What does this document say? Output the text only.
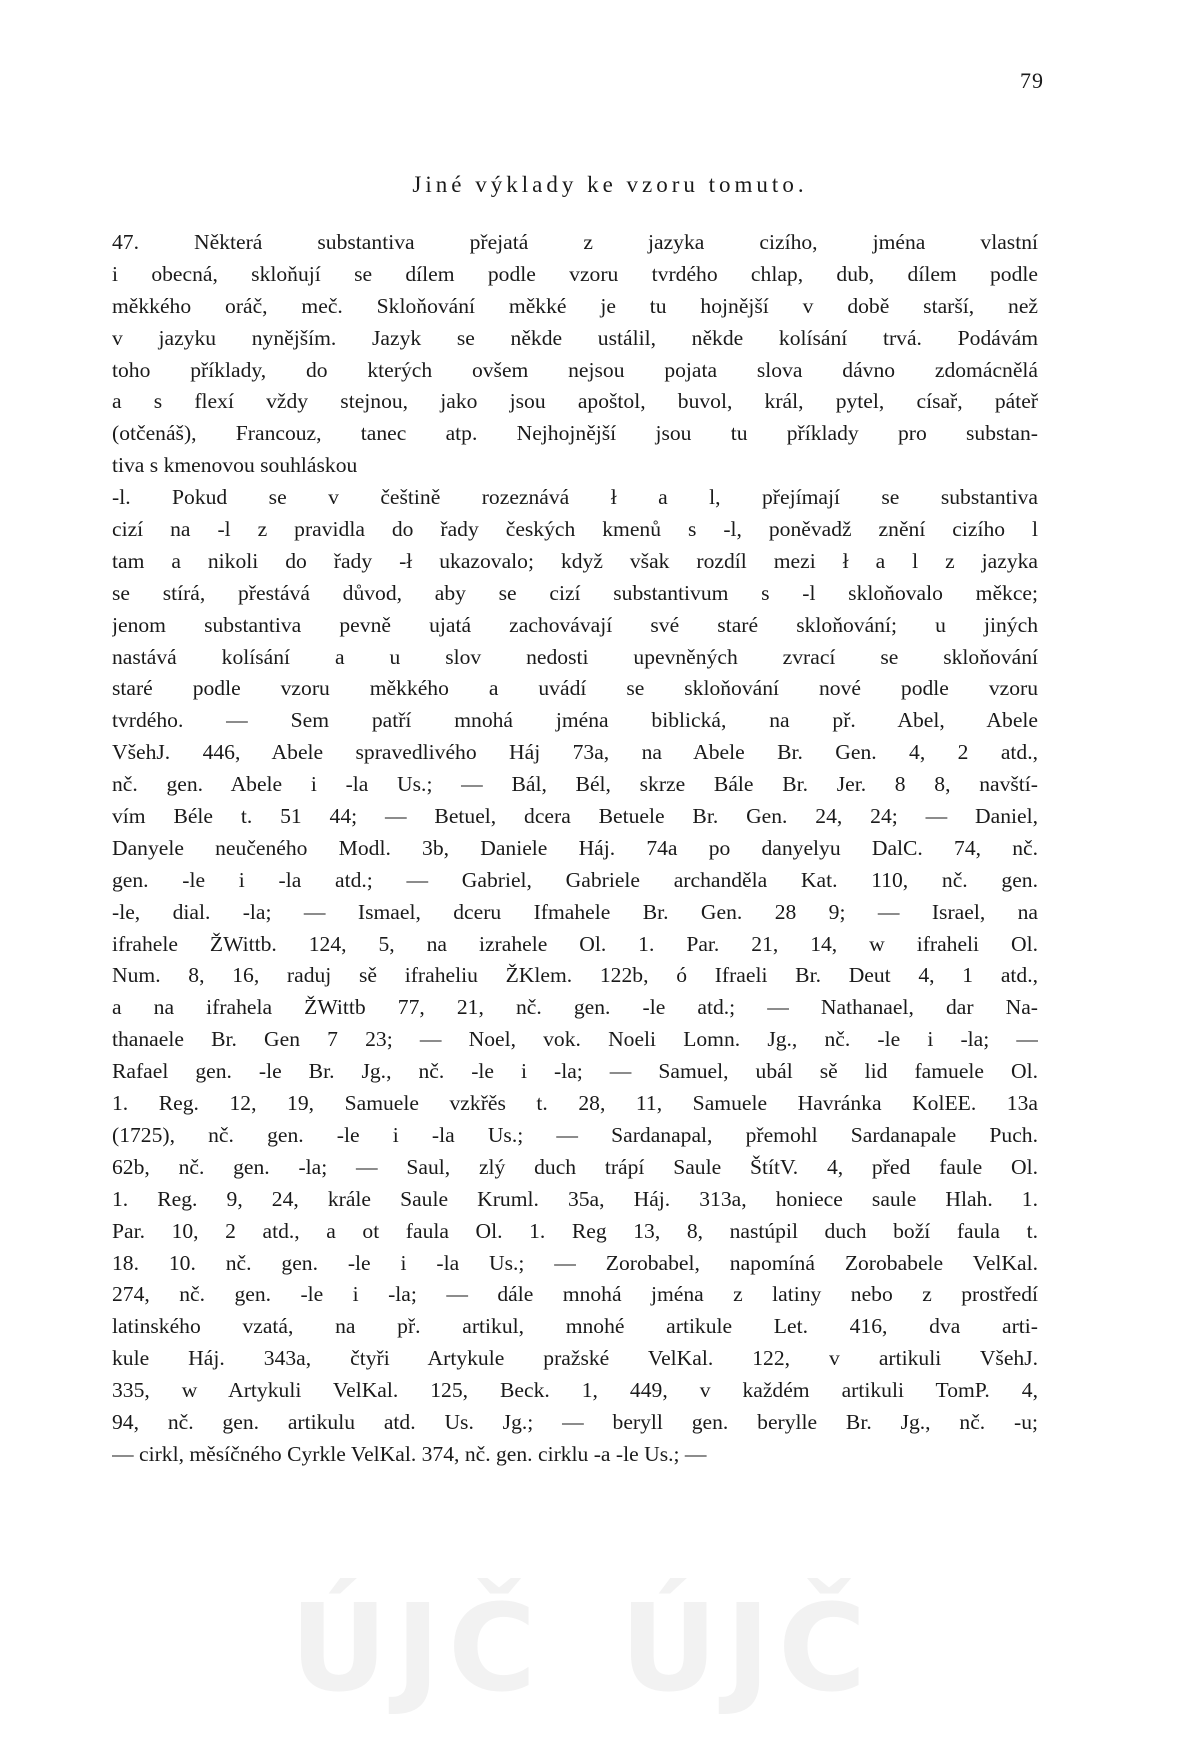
79
Jiné výklady ke vzoru tomuto.
47. Některá substantiva přejatá z jazyka cizího, jména vlastní
i obecná, skloňují se dílem podle vzoru tvrdého chlap, dub, dílem podle
měkkého oráč, meč. Skloňování měkké je tu hojnější v době starší, než
v jazyku nynějším. Jazyk se někde ustálil, někde kolísání trvá. Podávám
toho příklady, do kterých ovšem nejsou pojata slova dávno zdomácnělá
a s flexí vždy stejnou, jako jsou apoštol, buvol, král, pytel, císař, páteř
(otčenáš), Francouz, tanec atp. Nejhojnější jsou tu příklady pro substan-
tiva s kmenovou souhláskou
-l. Pokud se v češtině rozeznává ł a l, přejímají se substantiva
cizí na -l z pravidla do řady českých kmenů s -l, poněvadž znění cizího l
tam a nikoli do řady -ł ukazovalo; když však rozdíl mezi ł a l z jazyka
se stírá, přestává důvod, aby se cizí substantivum s -l skloňovalo měkce;
jenom substantiva pevně ujatá zachovávají své staré skloňování; u jiných
nastává kolísání a u slov nedosti upevněných zvrací se skloňování
staré podle vzoru měkkého a uvádí se skloňování nové podle vzoru
tvrdého. — Sem patří mnohá jména biblická, na př. Abel, Abele
VšehJ. 446, Abele spravedlivého Háj 73a, na Abele Br. Gen. 4, 2 atd.,
nč. gen. Abele i -la Us.; — Bál, Bél, skrze Bále Br. Jer. 8 8, navští-
vím Béle t. 51 44; — Betuel, dcera Betuele Br. Gen. 24, 24; — Daniel,
Danyele neučeného Modl. 3b, Daniele Háj. 74a po danyelyu DalC. 74, nč.
gen. -le i -la atd.; — Gabriel, Gabriele archanděla Kat. 110, nč. gen.
-le, dial. -la; — Ismael, dceru Ifmahele Br. Gen. 28 9; — Israel, na
ifrahele ŽWittb. 124, 5, na izrahele Ol. 1. Par. 21, 14, w ifraheli Ol.
Num. 8, 16, raduj sě ifraheliu ŽKlem. 122b, ó Ifraeli Br. Deut 4, 1 atd.,
a na ifrahela ŽWittb 77, 21, nč. gen. -le atd.; — Nathanael, dar Na-
thanaele Br. Gen 7 23; — Noel, vok. Noeli Lomn. Jg., nč. -le i -la; —
Rafael gen. -le Br. Jg., nč. -le i -la; — Samuel, ubál sě lid famuele Ol.
1. Reg. 12, 19, Samuele vzkřěs t. 28, 11, Samuele Havránka KolEE. 13a
(1725), nč. gen. -le i -la Us.; — Sardanapal, přemohl Sardanapale Puch.
62b, nč. gen. -la; — Saul, zlý duch trápí Saule ŠtítV. 4, před faule Ol.
1. Reg. 9, 24, krále Saule Kruml. 35a, Háj. 313a, honiece saule Hlah. 1.
Par. 10, 2 atd., a ot faula Ol. 1. Reg 13, 8, nastúpil duch boží faula t.
18. 10. nč. gen. -le i -la Us.; — Zorobabel, napomíná Zorobabele VelKal.
274, nč. gen. -le i -la; — dále mnohá jména z latiny nebo z prostředí
latinského vzatá, na př. artikul, mnohé artikule Let. 416, dva arti-
kule Háj. 343a, čtyři Artykule pražské VelKal. 122, v artikuli VšehJ.
335, w Artykuli VelKal. 125, Beck. 1, 449, v každém artikuli TomP. 4,
94, nč. gen. artikulu atd. Us. Jg.; — beryll gen. berylle Br. Jg., nč. -u;
— cirkl, měsíčného Cyrkle VelKal. 374, nč. gen. cirklu -a -le Us.; —
ÚJČ ÚJČ
